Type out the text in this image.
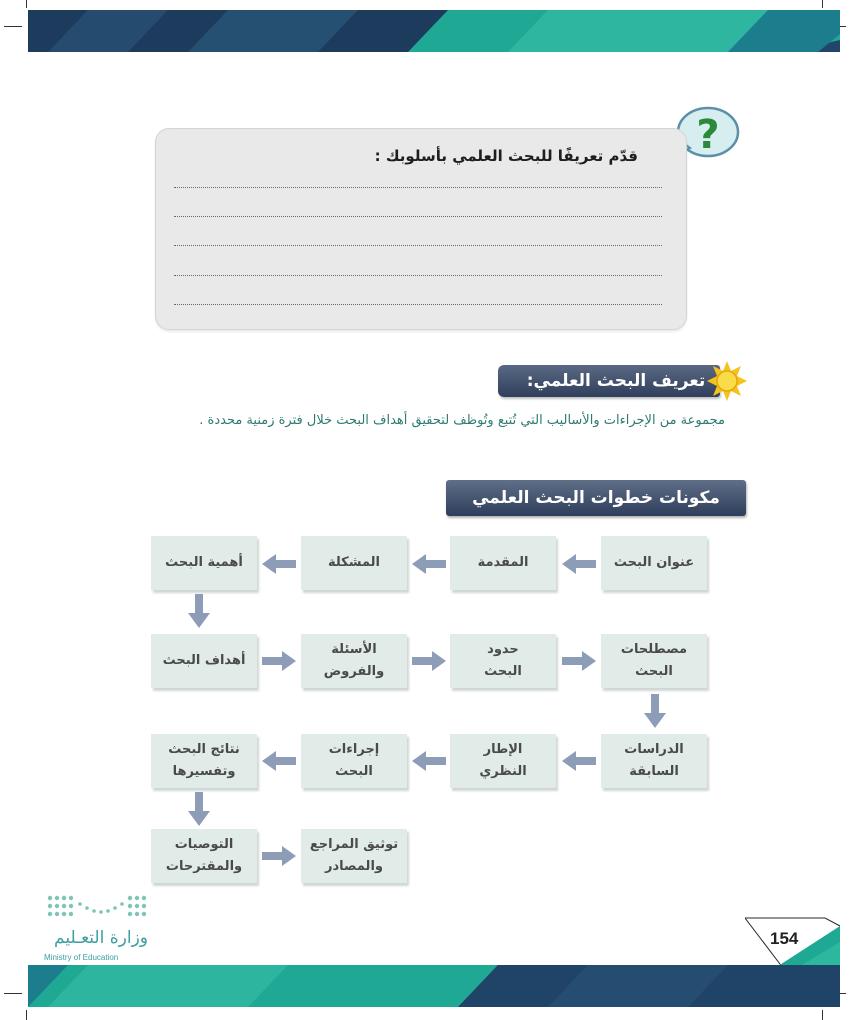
?
قدّم تعريفًا للبحث العلمي بأسلوبك :
تعريف البحث العلمي:
مجموعة من الإجراءات والأساليب التي تُتبع وتُوظف لتحقيق أهداف البحث خلال فترة زمنية محددة .
مكونات خطوات البحث العلمي
عنوان البحث
المقدمة
المشكلة
أهمية البحث
أهداف البحث
الأسئلة
والفروض
حدود
البحث
مصطلحات
البحث
الدراسات
السابقة
الإطار
النظري
إجراءات
البحث
نتائج البحث
وتفسيرها
التوصيات
والمقترحات
توثيق المراجع
والمصادر
وزارة التعـليم
Ministry of Education
154
